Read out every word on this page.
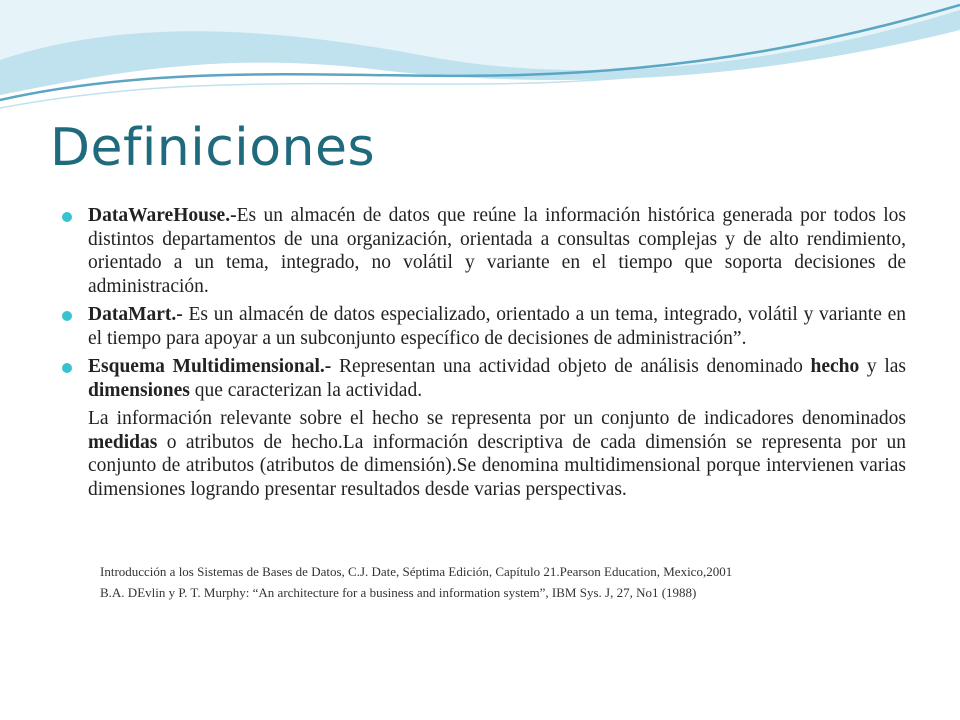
Definiciones
DataWareHouse.-Es un almacén de datos que reúne la información histórica generada por todos los distintos departamentos de una organización, orientada a consultas complejas y de alto rendimiento, orientado a un tema, integrado, no volátil y variante en el tiempo que soporta decisiones de administración.
DataMart.- Es un almacén de datos especializado, orientado a un tema, integrado, volátil y variante en el tiempo para apoyar a un subconjunto específico de decisiones de administración”.
Esquema Multidimensional.- Representan una actividad objeto de análisis denominado hecho y las dimensiones que caracterizan la actividad.
La información relevante sobre el hecho se representa por un conjunto de indicadores denominados medidas o atributos de hecho.La información descriptiva de cada dimensión se representa por un conjunto de atributos (atributos de dimensión).Se denomina multidimensional porque intervienen varias dimensiones logrando presentar resultados desde varias perspectivas.
Introducción a los Sistemas de Bases de Datos, C.J. Date, Séptima Edición, Capítulo 21.Pearson Education, Mexico,2001
B.A. DEvlin y P. T. Murphy: “An architecture for a business and information system”, IBM Sys. J, 27, No1 (1988)
